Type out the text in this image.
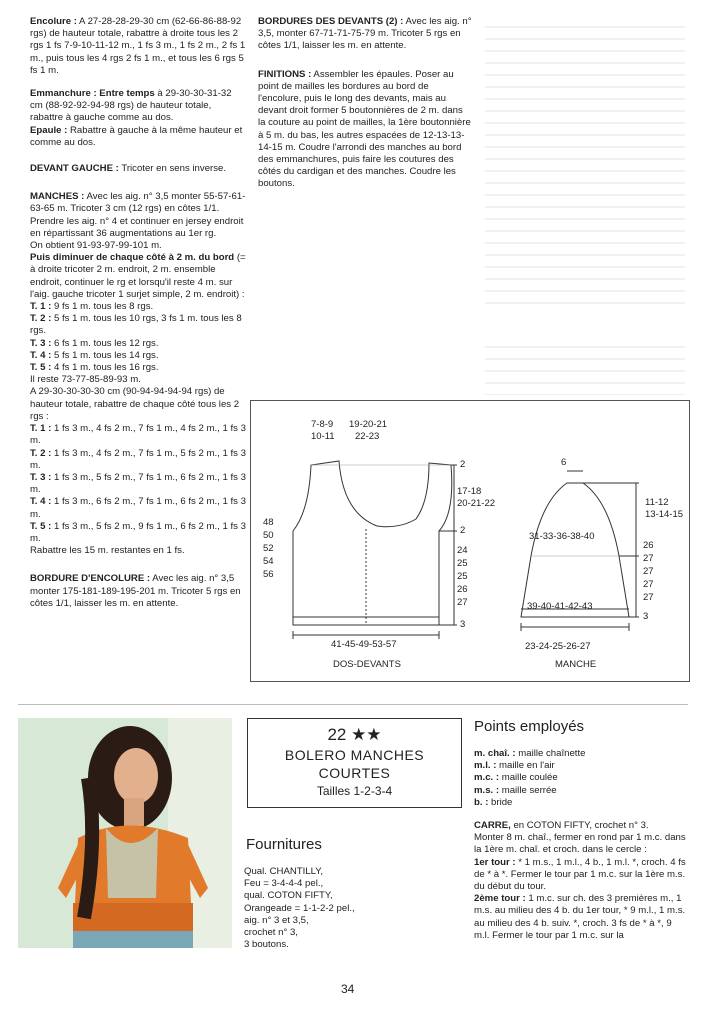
Encolure : A 27-28-28-29-30 cm (62-66-86-88-92 rgs) de hauteur totale, rabattre à droite tous les 2 rgs 1 fs 7-9-10-11-12 m., 1 fs 3 m., 1 fs 2 m., 2 fs 1 m., puis tous les 4 rgs 2 fs 1 m., et tous les 6 rgs 5 fs 1 m.

Emmanchure : Entre temps à 29-30-30-31-32 cm (88-92-92-94-98 rgs) de hauteur totale, rabattre à gauche comme au dos.

Epaule : Rabattre à gauche à la même hauteur et comme au dos.

DEVANT GAUCHE : Tricoter en sens inverse.

MANCHES : Avec les aig. n° 3,5 monter 55-57-61-63-65 m. Tricoter 3 cm (12 rgs) en côtes 1/1. Prendre les aig. n° 4 et continuer en jersey endroit en répartissant 36 augmentations au 1er rg.

On obtient 91-93-97-99-101 m.

Puis diminuer de chaque côté à 2 m. du bord (= à droite tricoter 2 m. endroit, 2 m. ensemble endroit, continuer le rg et lorsqu'il reste 4 m. sur l'aig. gauche tricoter 1 surjet simple, 2 m. endroit) :

T. 1 : 9 fs 1 m. tous les 8 rgs.

T. 2 : 5 fs 1 m. tous les 10 rgs, 3 fs 1 m. tous les 8 rgs.

T. 3 : 6 fs 1 m. tous les 12 rgs.

T. 4 : 5 fs 1 m. tous les 14 rgs.

T. 5 : 4 fs 1 m. tous les 16 rgs.

Il reste 73-77-85-89-93 m.

A 29-30-30-30-30 cm (90-94-94-94-94 rgs) de hauteur totale, rabattre de chaque côté tous les 2 rgs :

T. 1 : 1 fs 3 m., 4 fs 2 m., 7 fs 1 m., 4 fs 2 m., 1 fs 3 m.

T. 2 : 1 fs 3 m., 4 fs 2 m., 7 fs 1 m., 5 fs 2 m., 1 fs 3 m.

T. 3 : 1 fs 3 m., 5 fs 2 m., 7 fs 1 m., 6 fs 2 m., 1 fs 3 m.

T. 4 : 1 fs 3 m., 6 fs 2 m., 7 fs 1 m., 6 fs 2 m., 1 fs 3 m.

T. 5 : 1 fs 3 m., 5 fs 2 m., 9 fs 1 m., 6 fs 2 m., 1 fs 3 m.

Rabattre les 15 m. restantes en 1 fs.

BORDURE D'ENCOLURE : Avec les aig. n° 3,5 monter 175-181-189-195-201 m. Tricoter 5 rgs en côtes 1/1, laisser les m. en attente.

BORDURES DES DEVANTS (2) : Avec les aig. n° 3,5, monter 67-71-71-75-79 m. Tricoter 5 rgs en côtes 1/1, laisser les m. en attente.

FINITIONS : Assembler les épaules. Poser au point de mailles les bordures au bord de l'encolure, puis le long des devants, mais au devant droit former 5 boutonnières de 2 m. dans la couture au point de mailles, la 1ère boutonnière à 5 m. du bas, les autres espacées de 12-13-13-14-15 m. Coudre l'arrondi des manches au bord des emmanchures, puis faire les coutures des côtés du cardigan et des manches. Coudre les boutons.

7-8-9
10-11
19-20-21
22-23
2
17-18
20-21-22
2
24
25
25
26
27
3
48
50
52
54
56
41-45-49-53-57
DOS-DEVANTS
6
11-12
13-14-15
31-33-36-38-40
26
27
27
27
27
39-40-41-42-43
3
23-24-25-26-27
MANCHE
22 ★★
BOLERO MANCHES
COURTES
Tailles 1-2-3-4
Fournitures

Qual. CHANTILLY,

Feu = 3-4-4-4 pel.,

qual. COTON FIFTY,

Orangeade = 1-1-2-2 pel.,

aig. n° 3 et 3,5,

crochet n° 3,

3 boutons.

Points employés

m. chaî. : maille chaînette

m.l. : maille en l'air

m.c. : maille coulée

m.s. : maille serrée

b. : bride

CARRE, en COTON FIFTY, crochet n° 3.

Monter 8 m. chaî., fermer en rond par 1 m.c. dans la 1ère m. chaî. et croch. dans le cercle :

1er tour : * 1 m.s., 1 m.l., 4 b., 1 m.l. *, croch. 4 fs de * à *. Fermer le tour par 1 m.c. sur la 1ère m.s. du début du tour.

2ème tour : 1 m.c. sur ch. des 3 premières m., 1 m.s. au milieu des 4 b. du 1er tour, * 9 m.l., 1 m.s. au milieu des 4 b. suiv. *, croch. 3 fs de * à *, 9 m.l. Fermer le tour par 1 m.c. sur la

34
